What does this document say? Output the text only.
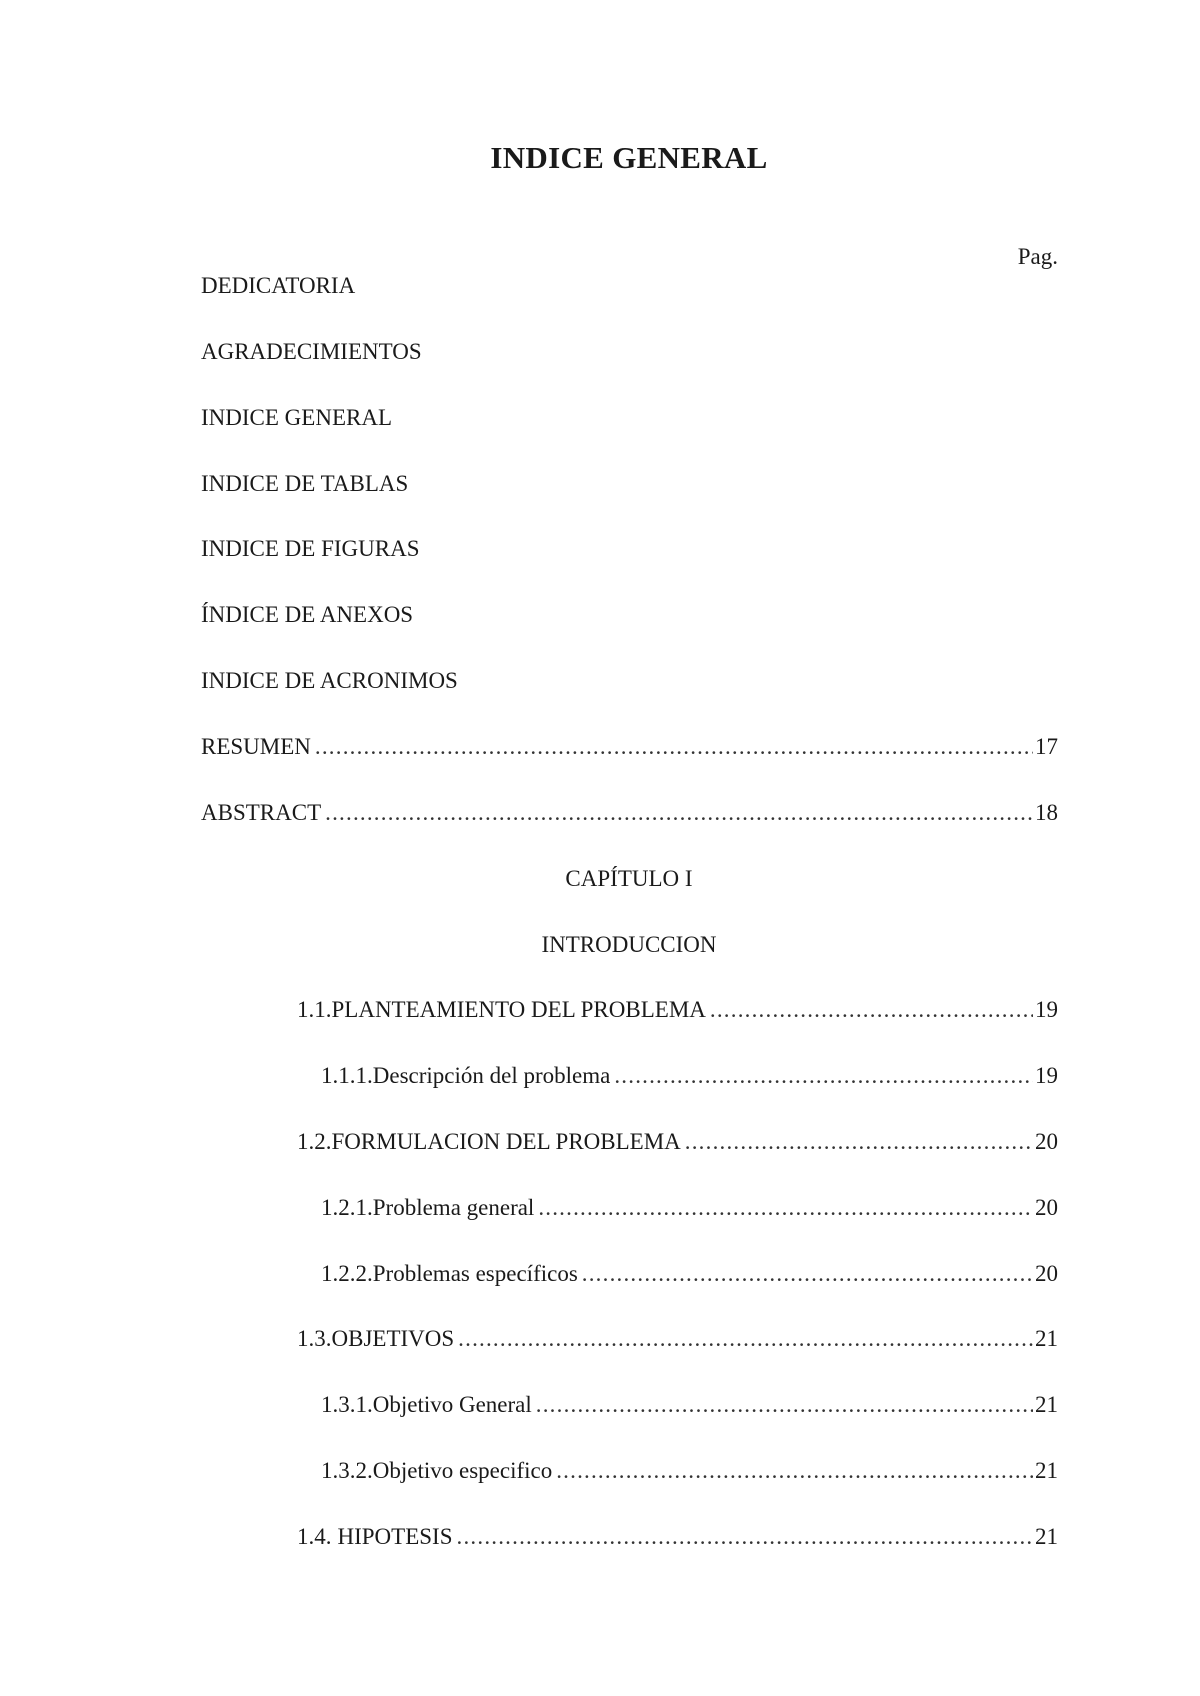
INDICE GENERAL
Pag.
DEDICATORIA
AGRADECIMIENTOS
INDICE GENERAL
INDICE DE TABLAS
INDICE DE FIGURAS
ÍNDICE DE ANEXOS
INDICE DE ACRONIMOS
RESUMEN .....	17
ABSTRACT .....	18
CAPÍTULO I
INTRODUCCION
1.1. PLANTEAMIENTO DEL PROBLEMA .....	19
1.1.1. Descripción del problema .....	19
1.2. FORMULACION DEL PROBLEMA .....	20
1.2.1. Problema general .....	20
1.2.2. Problemas específicos .....	20
1.3. OBJETIVOS .....	21
1.3.1. Objetivo General .....	21
1.3.2. Objetivo especifico .....	21
1.4. HIPOTESIS .....	21
